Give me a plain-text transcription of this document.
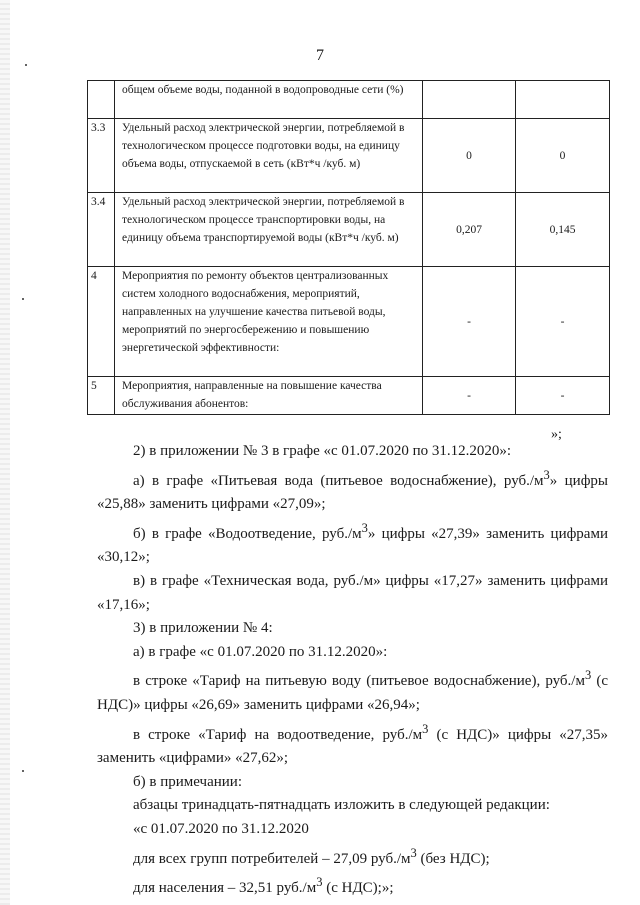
7
	общем объеме воды, поданной в водопроводные сети (%)		
3.3	Удельный расход электрической энергии, потребляемой в технологическом процессе подготовки воды, на единицу объема воды, отпускаемой в сеть (кВт*ч /куб. м)	0	0
3.4	Удельный расход электрической энергии, потребляемой в технологическом процессе транспортировки воды, на единицу объема транспортируемой воды (кВт*ч /куб. м)	0,207	0,145
4	Мероприятия по ремонту объектов централизованных систем холодного водоснабжения, мероприятий, направленных на улучшение качества питьевой воды, мероприятий по энергосбережению и повышению энергетической эффективности:	-	-
5	Мероприятия, направленные на повышение качества обслуживания абонентов:	-	-
»;

2) в приложении № 3 в графе «с 01.07.2020 по 31.12.2020»:

а) в графе «Питьевая вода (питьевое водоснабжение), $руб./м^3$» цифры «25,88» заменить цифрами «27,09»;

б) в графе «Водоотведение, $руб./м^3$» цифры «27,39» заменить цифрами «30,12»;

в) в графе «Техническая вода, руб./м» цифры «17,27» заменить цифрами «17,16»;

3) в приложении № 4:

а) в графе «с 01.07.2020 по 31.12.2020»:

в строке «Тариф на питьевую воду (питьевое водоснабжение), $руб./м^3$ (с НДС)» цифры «26,69» заменить цифрами «26,94»;

в строке «Тариф на водоотведение, $руб./м^3$ (с НДС)» цифры «27,35» заменить «цифрами» «27,62»;

б) в примечании:

абзацы тринадцать-пятнадцать изложить в следующей редакции:

«с 01.07.2020 по 31.12.2020

для всех групп потребителей – 27,09 $руб./м^3$ (без НДС);

для населения – 32,51 $руб./м^3$ (с НДС);»;
